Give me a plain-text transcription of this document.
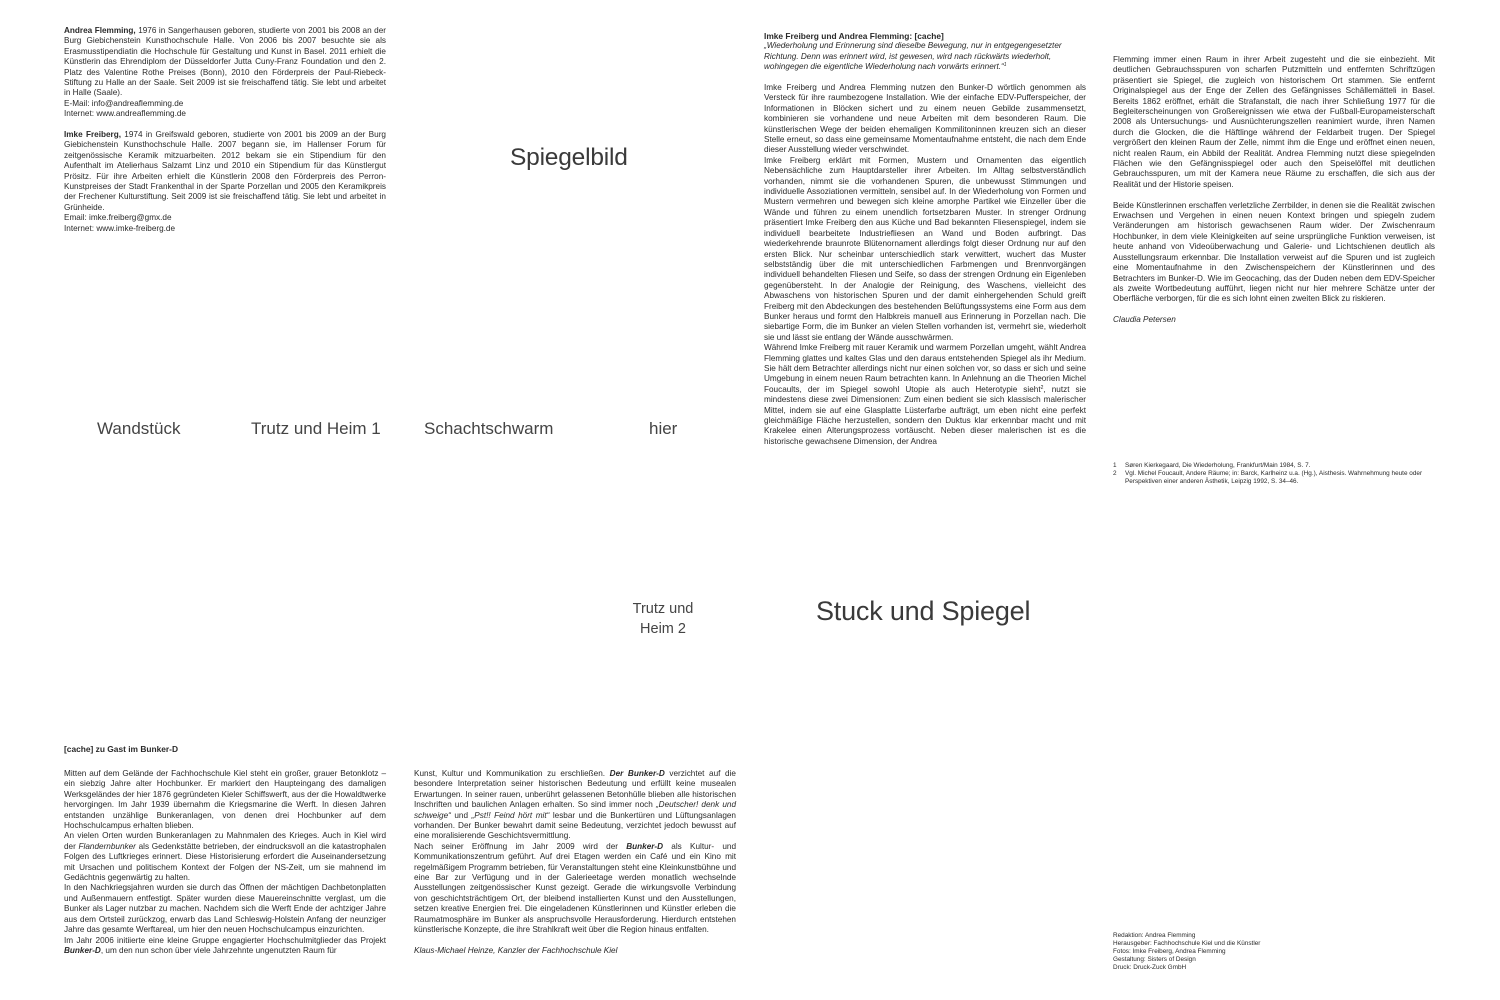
Andrea Flemming, 1976 in Sangerhausen geboren, studierte von 2001 bis 2008 an der Burg Giebichenstein Kunsthochschule Halle. Von 2006 bis 2007 besuchte sie als Erasmusstipendiatin die Hochschule für Gestaltung und Kunst in Basel. 2011 erhielt die Künstlerin das Ehrendiplom der Düsseldorfer Jutta Cuny-Franz Foundation und den 2. Platz des Valentine Rothe Preises (Bonn), 2010 den Förderpreis der Paul-Riebeck-Stiftung zu Halle an der Saale. Seit 2009 ist sie freischaffend tätig. Sie lebt und arbeitet in Halle (Saale).

E-Mail: info@andreaflemming.de

Internet: www.andreaflemming.de

Imke Freiberg, 1974 in Greifswald geboren, studierte von 2001 bis 2009 an der Burg Giebichenstein Kunsthochschule Halle. 2007 begann sie, im Hallenser Forum für zeitgenössische Keramik mitzuarbeiten. 2012 bekam sie ein Stipendium für den Aufenthalt im Atelierhaus Salzamt Linz und 2010 ein Stipendium für das Künstlergut Prösitz. Für ihre Arbeiten erhielt die Künstlerin 2008 den Förderpreis des Perron-Kunstpreises der Stadt Frankenthal in der Sparte Porzellan und 2005 den Keramikpreis der Frechener Kulturstiftung. Seit 2009 ist sie freischaffend tätig. Sie lebt und arbeitet in Grünheide.

Email: imke.freiberg@gmx.de

Internet: www.imke-freiberg.de

Spiegelbild
Wandstück	Trutz und Heim 1	Schachtschwarm	hier
Trutz und
Heim 2
Stuck und Spiegel

Imke Freiberg und Andrea Flemming: [cache]

„Wiederholung und Erinnerung sind dieselbe Bewegung, nur in entgegengesetzter Richtung. Denn was erinnert wird, ist gewesen, wird nach rückwärts wiederholt, wohingegen die eigentliche Wiederholung nach vorwärts erinnert.“$^1$

Imke Freiberg und Andrea Flemming nutzen den Bunker-D wörtlich genommen als Versteck für ihre raumbezogene Installation. Wie der einfache EDV-Pufferspeicher, der Informationen in Blöcken sichert und zu einem neuen Gebilde zusammensetzt, kombinieren sie vorhandene und neue Arbeiten mit dem besonderen Raum. Die künstlerischen Wege der beiden ehemaligen Kommilitoninnen kreuzen sich an dieser Stelle erneut, so dass eine gemeinsame Momentaufnahme entsteht, die nach dem Ende dieser Ausstellung wieder verschwindet.

Imke Freiberg erklärt mit Formen, Mustern und Ornamenten das eigentlich Nebensächliche zum Hauptdarsteller ihrer Arbeiten. Im Alltag selbstverständlich vorhanden, nimmt sie die vorhandenen Spuren, die unbewusst Stimmungen und individuelle Assoziationen vermitteln, sensibel auf. In der Wiederholung von Formen und Mustern vermehren und bewegen sich kleine amorphe Partikel wie Einzeller über die Wände und führen zu einem unendlich fortsetzbaren Muster. In strenger Ordnung präsentiert Imke Freiberg den aus Küche und Bad bekannten Fliesenspiegel, indem sie individuell bearbeitete Industriefliesen an Wand und Boden aufbringt. Das wiederkehrende braunrote Blütenornament allerdings folgt dieser Ordnung nur auf den ersten Blick. Nur scheinbar unterschiedlich stark verwittert, wuchert das Muster selbstständig über die mit unterschiedlichen Farbmengen und Brennvorgängen individuell behandelten Fliesen und Seife, so dass der strengen Ordnung ein Eigenleben gegenübersteht. In der Analogie der Reinigung, des Waschens, vielleicht des Abwaschens von historischen Spuren und der damit einhergehenden Schuld greift Freiberg mit den Abdeckungen des bestehenden Belüftungssystems eine Form aus dem Bunker heraus und formt den Halbkreis manuell aus Erinnerung in Porzellan nach. Die siebartige Form, die im Bunker an vielen Stellen vorhanden ist, vermehrt sie, wiederholt sie und lässt sie entlang der Wände ausschwärmen.

Während Imke Freiberg mit rauer Keramik und warmem Porzellan umgeht, wählt Andrea Flemming glattes und kaltes Glas und den daraus entstehenden Spiegel als ihr Medium. Sie hält dem Betrachter allerdings nicht nur einen solchen vor, so dass er sich und seine Umgebung in einem neuen Raum betrachten kann. In Anlehnung an die Theorien Michel Foucaults, der im Spiegel sowohl Utopie als auch Heterotypie sieht$^2$, nutzt sie mindestens diese zwei Dimensionen: Zum einen bedient sie sich klassisch malerischer Mittel, indem sie auf eine Glasplatte Lüsterfarbe aufträgt, um eben nicht eine perfekt gleichmäßige Fläche herzustellen, sondern den Duktus klar erkennbar macht und mit Krakelee einen Alterungsprozess vortäuscht. Neben dieser malerischen ist es die historische gewachsene Dimension, der Andrea

Flemming immer einen Raum in ihrer Arbeit zugesteht und die sie einbezieht. Mit deutlichen Gebrauchsspuren von scharfen Putzmitteln und entfernten Schriftzügen präsentiert sie Spiegel, die zugleich von historischem Ort stammen. Sie entfernt Originalspiegel aus der Enge der Zellen des Gefängnisses Schällemätteli in Basel. Bereits 1862 eröffnet, erhält die Strafanstalt, die nach ihrer Schließung 1977 für die Begleiterscheinungen von Großereignissen wie etwa der Fußball-Europameisterschaft 2008 als Untersuchungs- und Ausnüchterungszellen reanimiert wurde, ihren Namen durch die Glocken, die die Häftlinge während der Feldarbeit trugen. Der Spiegel vergrößert den kleinen Raum der Zelle, nimmt ihm die Enge und eröffnet einen neuen, nicht realen Raum, ein Abbild der Realität. Andrea Flemming nutzt diese spiegelnden Flächen wie den Gefängnisspiegel oder auch den Speiselöffel mit deutlichen Gebrauchsspuren, um mit der Kamera neue Räume zu erschaffen, die sich aus der Realität und der Historie speisen.

Beide Künstlerinnen erschaffen verletzliche Zerrbilder, in denen sie die Realität zwischen Erwachsen und Vergehen in einen neuen Kontext bringen und spiegeln zudem Veränderungen am historisch gewachsenen Raum wider. Der Zwischenraum Hochbunker, in dem viele Kleinigkeiten auf seine ursprüngliche Funktion verweisen, ist heute anhand von Videoüberwachung und Galerie- und Lichtschienen deutlich als Ausstellungsraum erkennbar. Die Installation verweist auf die Spuren und ist zugleich eine Momentaufnahme in den Zwischenspeichern der Künstlerinnen und des Betrachters im Bunker-D. Wie im Geocaching, das der Duden neben dem EDV-Speicher als zweite Wortbedeutung aufführt, liegen nicht nur hier mehrere Schätze unter der Oberfläche verborgen, für die es sich lohnt einen zweiten Blick zu riskieren.

Claudia Petersen

1	Søren Kierkegaard, Die Wiederholung, Frankfurt/Main 1984, S. 7.
2	Vgl. Michel Foucault, Andere Räume; in: Barck, Karlheinz u.a. (Hg.), Aisthesis. Wahrnehmung heute oder Perspektiven einer anderen Ästhetik, Leipzig 1992, S. 34–46.

[cache] zu Gast im Bunker-D

Mitten auf dem Gelände der Fachhochschule Kiel steht ein großer, grauer Betonklotz – ein siebzig Jahre alter Hochbunker. Er markiert den Haupteingang des damaligen Werksgeländes der hier 1876 gegründeten Kieler Schiffswerft, aus der die Howaldtwerke hervorgingen. Im Jahr 1939 übernahm die Kriegsmarine die Werft. In diesen Jahren entstanden unzählige Bunkeranlagen, von denen drei Hochbunker auf dem Hochschulcampus erhalten blieben.

An vielen Orten wurden Bunkeranlagen zu Mahnmalen des Krieges. Auch in Kiel wird der Flandernbunker als Gedenkstätte betrieben, der eindrucksvoll an die katastrophalen Folgen des Luftkrieges erinnert. Diese Historisierung erfordert die Auseinandersetzung mit Ursachen und politischem Kontext der Folgen der NS-Zeit, um sie mahnend im Gedächtnis gegenwärtig zu halten.

In den Nachkriegsjahren wurden sie durch das Öffnen der mächtigen Dachbetonplatten und Außenmauern entfestigt. Später wurden diese Mauereinschnitte verglast, um die Bunker als Lager nutzbar zu machen. Nachdem sich die Werft Ende der achtziger Jahre aus dem Ortsteil zurückzog, erwarb das Land Schleswig-Holstein Anfang der neunziger Jahre das gesamte Werftareal, um hier den neuen Hochschulcampus einzurichten.

Im Jahr 2006 initiierte eine kleine Gruppe engagierter Hochschulmitglieder das Projekt Bunker-D, um den nun schon über viele Jahrzehnte ungenutzten Raum für

Kunst, Kultur und Kommunikation zu erschließen. Der Bunker-D verzichtet auf die besondere Interpretation seiner historischen Bedeutung und erfüllt keine musealen Erwartungen. In seiner rauen, unberührt gelassenen Betonhülle blieben alle historischen Inschriften und baulichen Anlagen erhalten. So sind immer noch „Deutscher! denk und schweige“ und „Pst!! Feind hört mit“ lesbar und die Bunkertüren und Lüftungsanlagen vorhanden. Der Bunker bewahrt damit seine Bedeutung, verzichtet jedoch bewusst auf eine moralisierende Geschichtsvermittlung.

Nach seiner Eröffnung im Jahr 2009 wird der Bunker-D als Kultur- und Kommunikationszentrum geführt. Auf drei Etagen werden ein Café und ein Kino mit regelmäßigem Programm betrieben, für Veranstaltungen steht eine Kleinkunstbühne und eine Bar zur Verfügung und in der Galerieetage werden monatlich wechselnde Ausstellungen zeitgenössischer Kunst gezeigt. Gerade die wirkungsvolle Verbindung von geschichtsträchtigem Ort, der bleibend installierten Kunst und den Ausstellungen, setzen kreative Energien frei. Die eingeladenen Künstlerinnen und Künstler erleben die Raumatmosphäre im Bunker als anspruchsvolle Herausforderung. Hierdurch entstehen künstlerische Konzepte, die ihre Strahlkraft weit über die Region hinaus entfalten.

Klaus-Michael Heinze, Kanzler der Fachhochschule Kiel

Redaktion: Andrea Flemming
Herausgeber: Fachhochschule Kiel und die Künstler
Fotos: Imke Freiberg, Andrea Flemming
Gestaltung: Sisters of Design
Druck: Druck-Zuck GmbH
